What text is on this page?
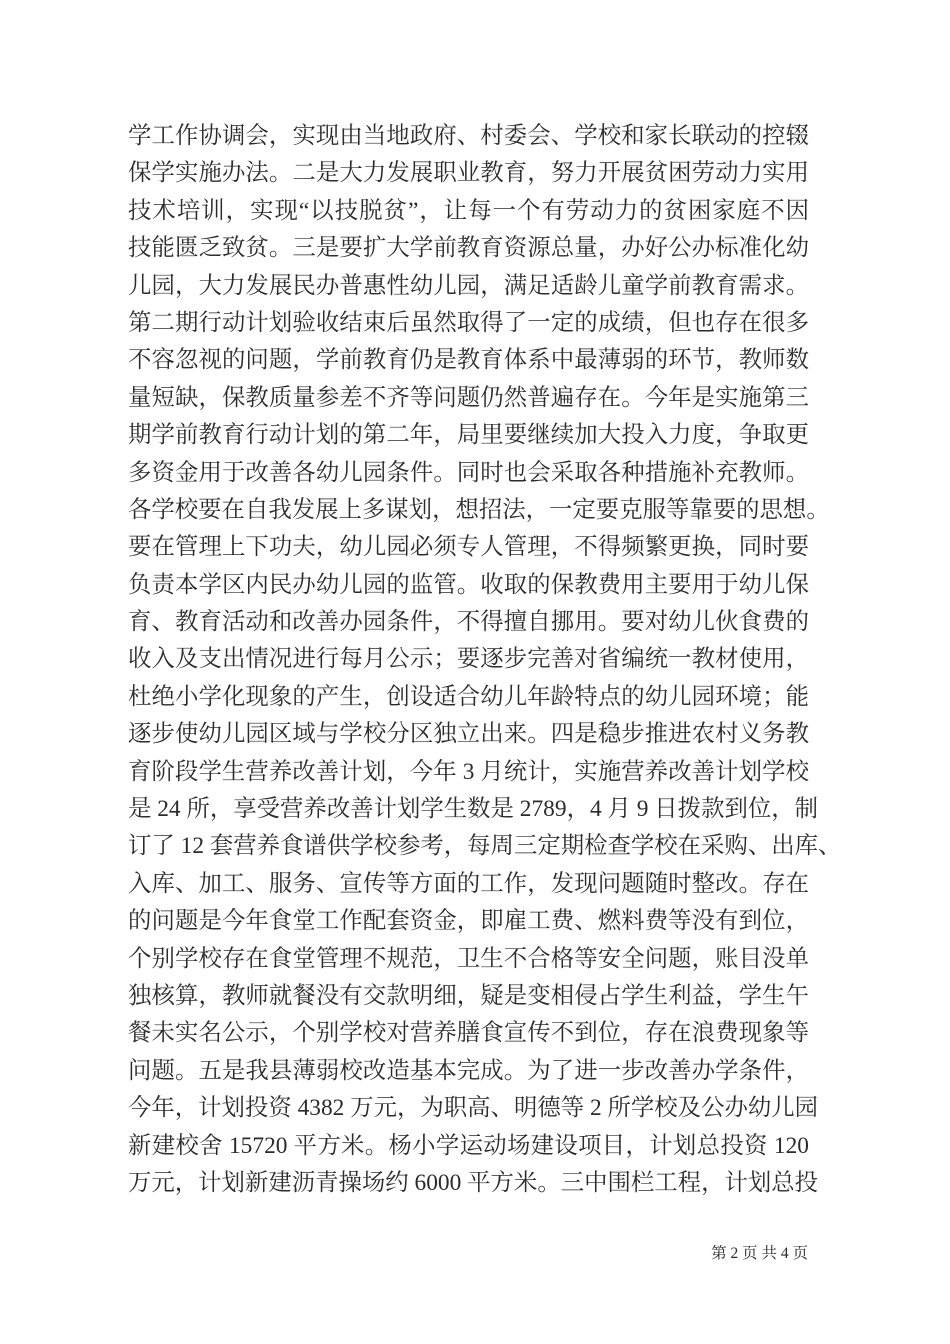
学工作协调会，实现由当地政府、村委会、学校和家长联动的控辍
保学实施办法。二是大力发展职业教育，努力开展贫困劳动力实用
技术培训，实现“以技脱贫”，让每一个有劳动力的贫困家庭不因
技能匮乏致贫。三是要扩大学前教育资源总量，办好公办标准化幼
儿园，大力发展民办普惠性幼儿园，满足适龄儿童学前教育需求。
第二期行动计划验收结束后虽然取得了一定的成绩，但也存在很多
不容忽视的问题，学前教育仍是教育体系中最薄弱的环节，教师数
量短缺，保教质量参差不齐等问题仍然普遍存在。今年是实施第三
期学前教育行动计划的第二年，局里要继续加大投入力度，争取更
多资金用于改善各幼儿园条件。同时也会采取各种措施补充教师。
各学校要在自我发展上多谋划，想招法，一定要克服等靠要的思想。
要在管理上下功夫，幼儿园必须专人管理，不得频繁更换，同时要
负责本学区内民办幼儿园的监管。收取的保教费用主要用于幼儿保
育、教育活动和改善办园条件，不得擅自挪用。要对幼儿伙食费的
收入及支出情况进行每月公示；要逐步完善对省编统一教材使用，
杜绝小学化现象的产生，创设适合幼儿年龄特点的幼儿园环境；能
逐步使幼儿园区域与学校分区独立出来。四是稳步推进农村义务教
育阶段学生营养改善计划，今年 3 月统计，实施营养改善计划学校
是 24 所，享受营养改善计划学生数是 2789，4 月 9 日拨款到位，制
订了 12 套营养食谱供学校参考，每周三定期检查学校在采购、出库、
入库、加工、服务、宣传等方面的工作，发现问题随时整改。存在
的问题是今年食堂工作配套资金，即雇工费、燃料费等没有到位，
个别学校存在食堂管理不规范，卫生不合格等安全问题，账目没单
独核算，教师就餐没有交款明细，疑是变相侵占学生利益，学生午
餐未实名公示，个别学校对营养膳食宣传不到位，存在浪费现象等
问题。五是我县薄弱校改造基本完成。为了进一步改善办学条件，
今年，计划投资 4382 万元，为职高、明德等 2 所学校及公办幼儿园
新建校舍 15720 平方米。杨小学运动场建设项目，计划总投资 120
万元，计划新建沥青操场约 6000 平方米。三中围栏工程，计划总投
第 2 页 共 4 页
